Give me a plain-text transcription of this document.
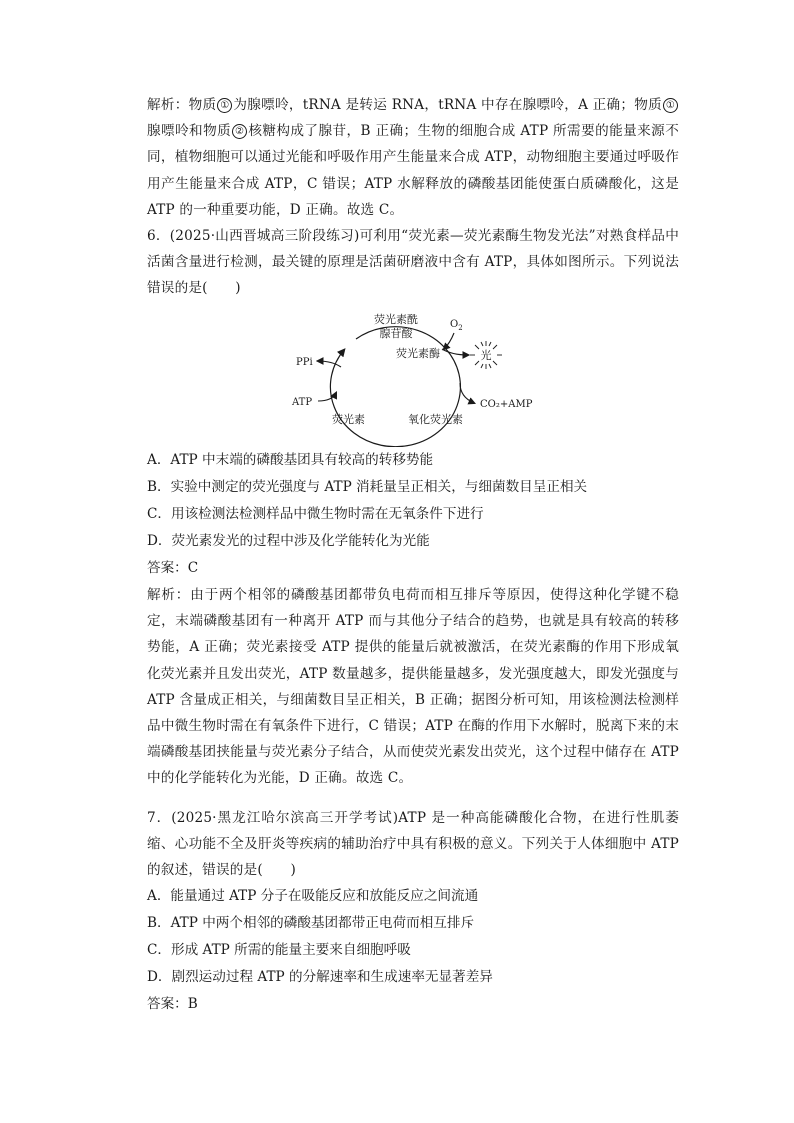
解析：物质 ① 为腺嘌呤，tRNA 是转运 RNA，tRNA 中存在腺嘌呤，A 正确；物质 ①腺嘌呤和物质 ② 核糖构成了腺苷，B 正确；生物的细胞合成 ATP 所需要的能量来源不同，植物细胞可以通过光能和呼吸作用产生能量来合成 ATP，动物细胞主要通过呼吸作用产生能量来合成 ATP，C 错误；ATP 水解释放的磷酸基团能使蛋白质磷酸化，这是 ATP 的一种重要功能，D 正确。故选 C。

6．(2025·山西晋城高三阶段练习)可利用“荧光素—荧光素酶生物发光法”对熟食样品中活菌含量进行检测，最关键的原理是活菌研磨液中含有 ATP，具体如图所示。下列说法错误的是(　　)

荧光素酰
腺苷酸
$O_2$
荧光素酶	光
PPi
ATP	CO₂+AMP
荧光素	氧化荧光素

A．ATP 中末端的磷酸基团具有较高的转移势能

B．实验中测定的荧光强度与 ATP 消耗量呈正相关，与细菌数目呈正相关

C．用该检测法检测样品中微生物时需在无氧条件下进行

D．荧光素发光的过程中涉及化学能转化为光能

答案：C

解析：由于两个相邻的磷酸基团都带负电荷而相互排斥等原因，使得这种化学键不稳定，末端磷酸基团有一种离开 ATP 而与其他分子结合的趋势，也就是具有较高的转移势能，A 正确；荧光素接受 ATP 提供的能量后就被激活，在荧光素酶的作用下形成氧化荧光素并且发出荧光，ATP 数量越多，提供能量越多，发光强度越大，即发光强度与 ATP 含量成正相关，与细菌数目呈正相关，B 正确；据图分析可知，用该检测法检测样品中微生物时需在有氧条件下进行，C 错误；ATP 在酶的作用下水解时，脱离下来的末端磷酸基团挟能量与荧光素分子结合，从而使荧光素发出荧光，这个过程中储存在 ATP 中的化学能转化为光能，D 正确。故选 C。

7．(2025·黑龙江哈尔滨高三开学考试)ATP 是一种高能磷酸化合物，在进行性肌萎缩、心功能不全及肝炎等疾病的辅助治疗中具有积极的意义。下列关于人体细胞中 ATP 的叙述，错误的是(　　)

A．能量通过 ATP 分子在吸能反应和放能反应之间流通

B．ATP 中两个相邻的磷酸基团都带正电荷而相互排斥

C．形成 ATP 所需的能量主要来自细胞呼吸

D．剧烈运动过程 ATP 的分解速率和生成速率无显著差异

答案：B
